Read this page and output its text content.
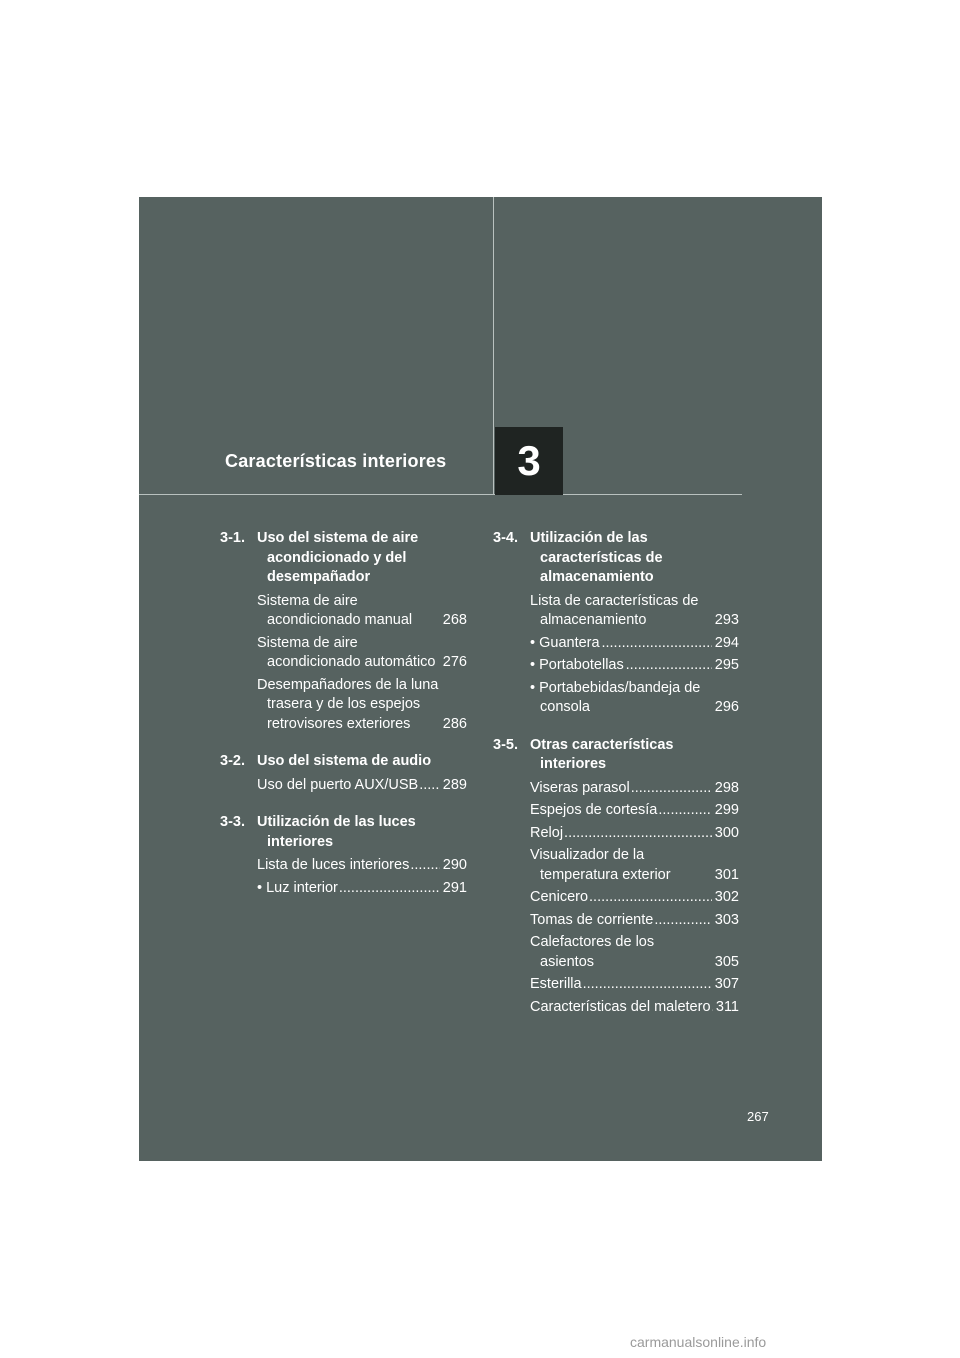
Características interiores 3
3-1. Uso del sistema de aire acondicionado y del desempañador
Sistema de aire acondicionado manual	268
Sistema de aire acondicionado automático 276
Desempañadores de la luna trasera y de los espejos retrovisores exteriores	286
3-2. Uso del sistema de audio
Uso del puerto AUX/USB ..... 289
3-3. Utilización de las luces interiores
Lista de luces interiores ..... 290
• Luz interior .....	291
3-4. Utilización de las características de almacenamiento
Lista de características de almacenamiento	293
• Guantera .....	294
• Portabotellas .....	295
• Portabebidas/bandeja de consola	296
3-5. Otras características interiores
Viseras parasol .....	298
Espejos de cortesía .....	299
Reloj .....	300
Visualizador de la temperatura exterior	301
Cenicero .....	302
Tomas de corriente .....	303
Calefactores de los asientos	305
Esterilla .....	307
Características del maletero ..... 311
267
carmanualsonline.info
